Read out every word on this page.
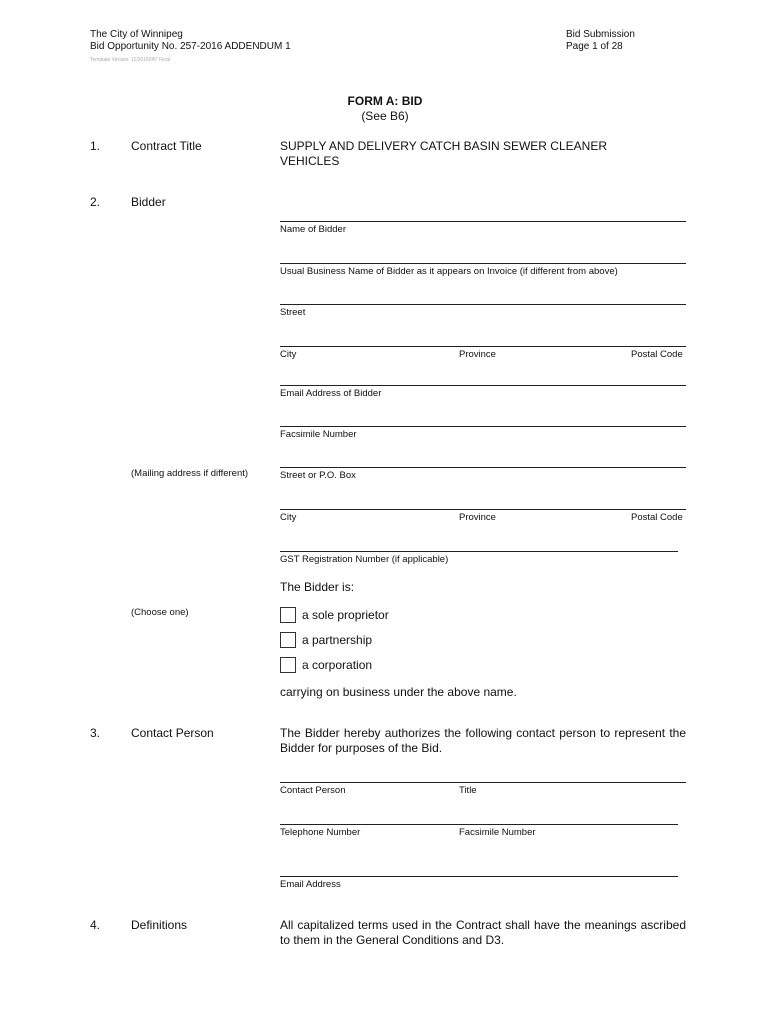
The City of Winnipeg
Bid Opportunity No. 257-2016 ADDENDUM 1
Template Version: 11/2016/06* Final
Bid Submission
Page 1 of 28
FORM A: BID
(See B6)
1.	Contract Title	SUPPLY AND DELIVERY CATCH BASIN SEWER CLEANER
VEHICLES
2.	Bidder
Name of Bidder
Usual Business Name of Bidder as it appears on Invoice (if different from above)
Street
City	Province	Postal Code
Email Address of Bidder
Facsimile Number
(Mailing address if different)	Street or P.O. Box
City	Province	Postal Code
GST Registration Number (if applicable)
The Bidder is:
(Choose one)	a sole proprietor
a partnership
a corporation
carrying on business under the above name.
3.	Contact Person	The Bidder hereby authorizes the following contact person to represent the Bidder for purposes of the Bid.
Contact Person	Title
Telephone Number	Facsimile Number
Email Address
4.	Definitions	All capitalized terms used in the Contract shall have the meanings ascribed to them in the General Conditions and D3.
